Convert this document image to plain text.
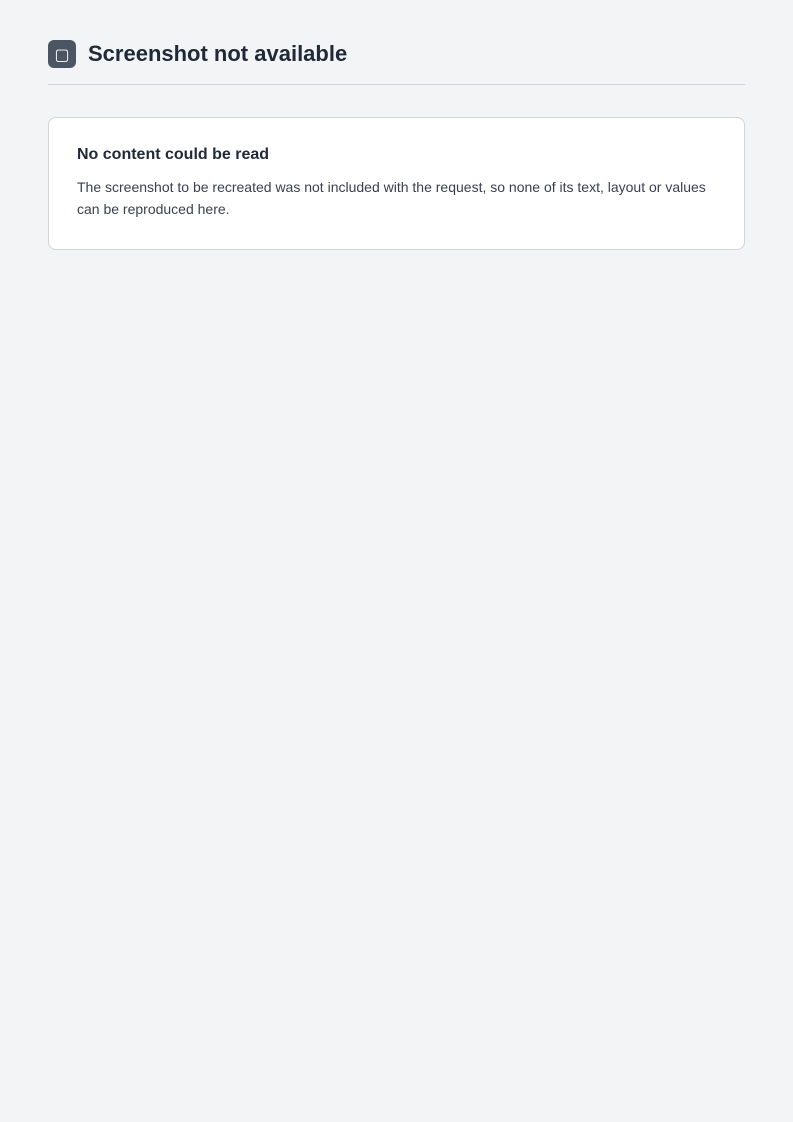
▢ Screenshot not available
No content could be read

The screenshot to be recreated was not included with the request, so none of its text, layout or values can be reproduced here.
